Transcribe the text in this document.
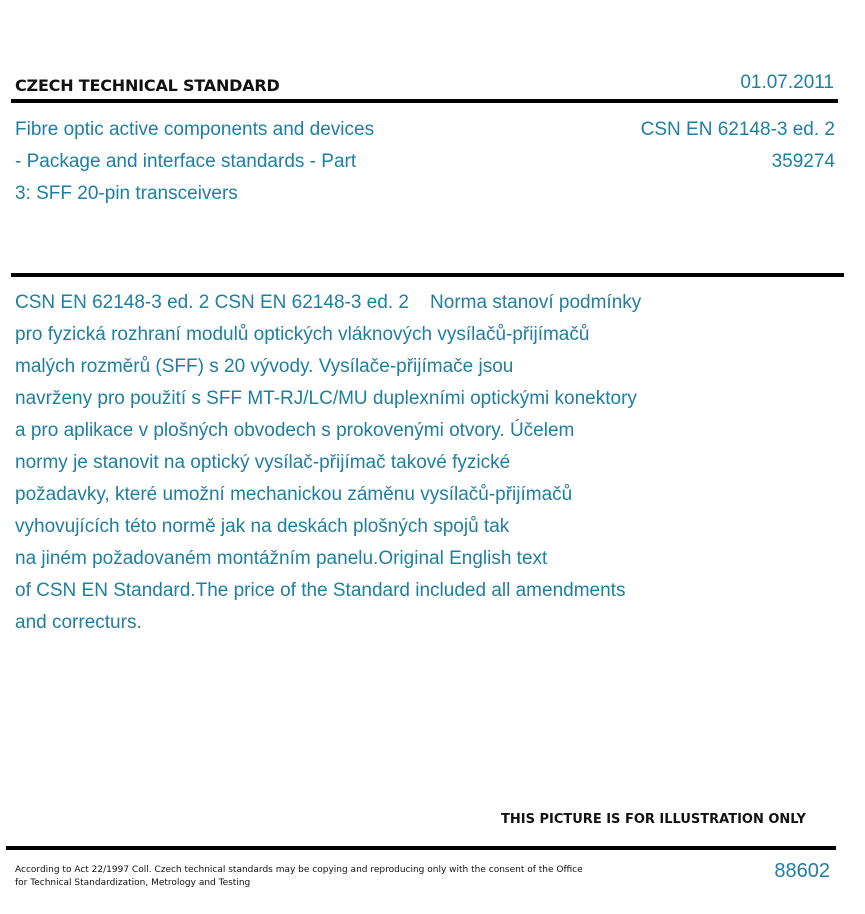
CZECH TECHNICAL STANDARD	01.07.2011
Fibre optic active components and devices
- Package and interface standards - Part
3: SFF 20-pin transceivers
CSN EN 62148-3 ed. 2
359274
CSN EN 62148-3 ed. 2 CSN EN 62148-3 ed. 2    Norma stanoví podmínky
pro fyzická rozhraní modulů optických vláknových vysílačů-přijímačů
malých rozměrů (SFF) s 20 vývody. Vysílače-přijímače jsou
navrženy pro použití s SFF MT-RJ/LC/MU duplexními optickými konektory
a pro aplikace v plošných obvodech s prokovenými otvory. Účelem
normy je stanovit na optický vysílač-přijímač takové fyzické
požadavky, které umožní mechanickou záměnu vysílačů-přijímačů
vyhovujících této normě jak na deskách plošných spojů tak
na jiném požadovaném montážním panelu.Original English text
of CSN EN Standard.The price of the Standard included all amendments
and correcturs.
THIS PICTURE IS FOR ILLUSTRATION ONLY
According to Act 22/1997 Coll. Czech technical standards may be copying and reproducing only with the consent of the Office
for Technical Standardization, Metrology and Testing
88602
